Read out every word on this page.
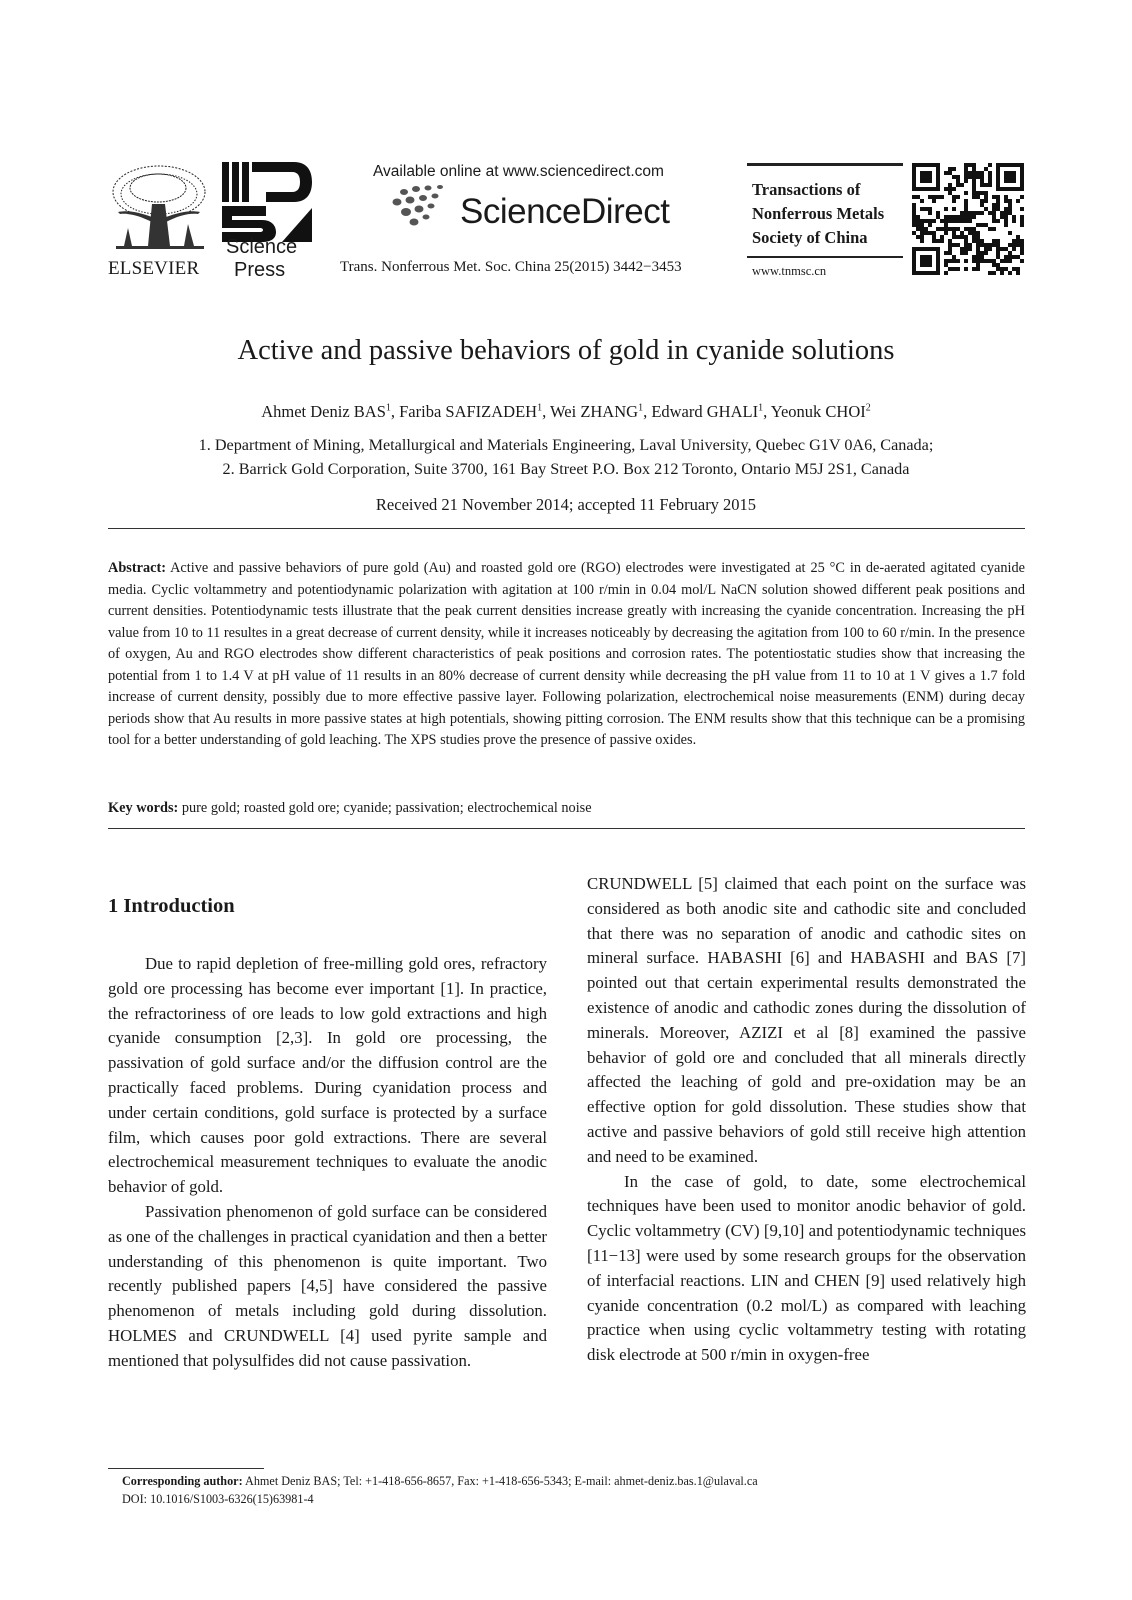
ELSEVIER
Science
Press
Available online at www.sciencedirect.com
ScienceDirect
Trans. Nonferrous Met. Soc. China 25(2015) 3442−3453
Transactions of
Nonferrous Metals
Society of China
www.tnmsc.cn
Active and passive behaviors of gold in cyanide solutions
Ahmet Deniz BAS$^1$, Fariba SAFIZADEH$^1$, Wei ZHANG$^1$, Edward GHALI$^1$, Yeonuk CHOI$^2$
1. Department of Mining, Metallurgical and Materials Engineering, Laval University, Quebec G1V 0A6, Canada;
2. Barrick Gold Corporation, Suite 3700, 161 Bay Street P.O. Box 212 Toronto, Ontario M5J 2S1, Canada
Received 21 November 2014; accepted 11 February 2015
Abstract: Active and passive behaviors of pure gold (Au) and roasted gold ore (RGO) electrodes were investigated at 25 °C in de-aerated agitated cyanide media. Cyclic voltammetry and potentiodynamic polarization with agitation at 100 r/min in 0.04 mol/L NaCN solution showed different peak positions and current densities. Potentiodynamic tests illustrate that the peak current densities increase greatly with increasing the cyanide concentration. Increasing the pH value from 10 to 11 resultes in a great decrease of current density, while it increases noticeably by decreasing the agitation from 100 to 60 r/min. In the presence of oxygen, Au and RGO electrodes show different characteristics of peak positions and corrosion rates. The potentiostatic studies show that increasing the potential from 1 to 1.4 V at pH value of 11 results in an 80% decrease of current density while decreasing the pH value from 11 to 10 at 1 V gives a 1.7 fold increase of current density, possibly due to more effective passive layer. Following polarization, electrochemical noise measurements (ENM) during decay periods show that Au results in more passive states at high potentials, showing pitting corrosion. The ENM results show that this technique can be a promising tool for a better understanding of gold leaching. The XPS studies prove the presence of passive oxides.
Key words: pure gold; roasted gold ore; cyanide; passivation; electrochemical noise
1 Introduction

Due to rapid depletion of free-milling gold ores, refractory gold ore processing has become ever important [1]. In practice, the refractoriness of ore leads to low gold extractions and high cyanide consumption [2,3]. In gold ore processing, the passivation of gold surface and/or the diffusion control are the practically faced problems. During cyanidation process and under certain conditions, gold surface is protected by a surface film, which causes poor gold extractions. There are several electrochemical measurement techniques to evaluate the anodic behavior of gold.

Passivation phenomenon of gold surface can be considered as one of the challenges in practical cyanidation and then a better understanding of this phenomenon is quite important. Two recently published papers [4,5] have considered the passive phenomenon of metals including gold during dissolution. HOLMES and CRUNDWELL [4] used pyrite sample and mentioned that polysulfides did not cause passivation.

CRUNDWELL [5] claimed that each point on the surface was considered as both anodic site and cathodic site and concluded that there was no separation of anodic and cathodic sites on mineral surface. HABASHI [6] and HABASHI and BAS [7] pointed out that certain experimental results demonstrated the existence of anodic and cathodic zones during the dissolution of minerals. Moreover, AZIZI et al [8] examined the passive behavior of gold ore and concluded that all minerals directly affected the leaching of gold and pre-oxidation may be an effective option for gold dissolution. These studies show that active and passive behaviors of gold still receive high attention and need to be examined.

In the case of gold, to date, some electrochemical techniques have been used to monitor anodic behavior of gold. Cyclic voltammetry (CV) [9,10] and potentiodynamic techniques [11−13] were used by some research groups for the observation of interfacial reactions. LIN and CHEN [9] used relatively high cyanide concentration (0.2 mol/L) as compared with leaching practice when using cyclic voltammetry testing with rotating disk electrode at 500 r/min in oxygen-free

Corresponding author: Ahmet Deniz BAS; Tel: +1-418-656-8657, Fax: +1-418-656-5343; E-mail: ahmet-deniz.bas.1@ulaval.ca
DOI: 10.1016/S1003-6326(15)63981-4
